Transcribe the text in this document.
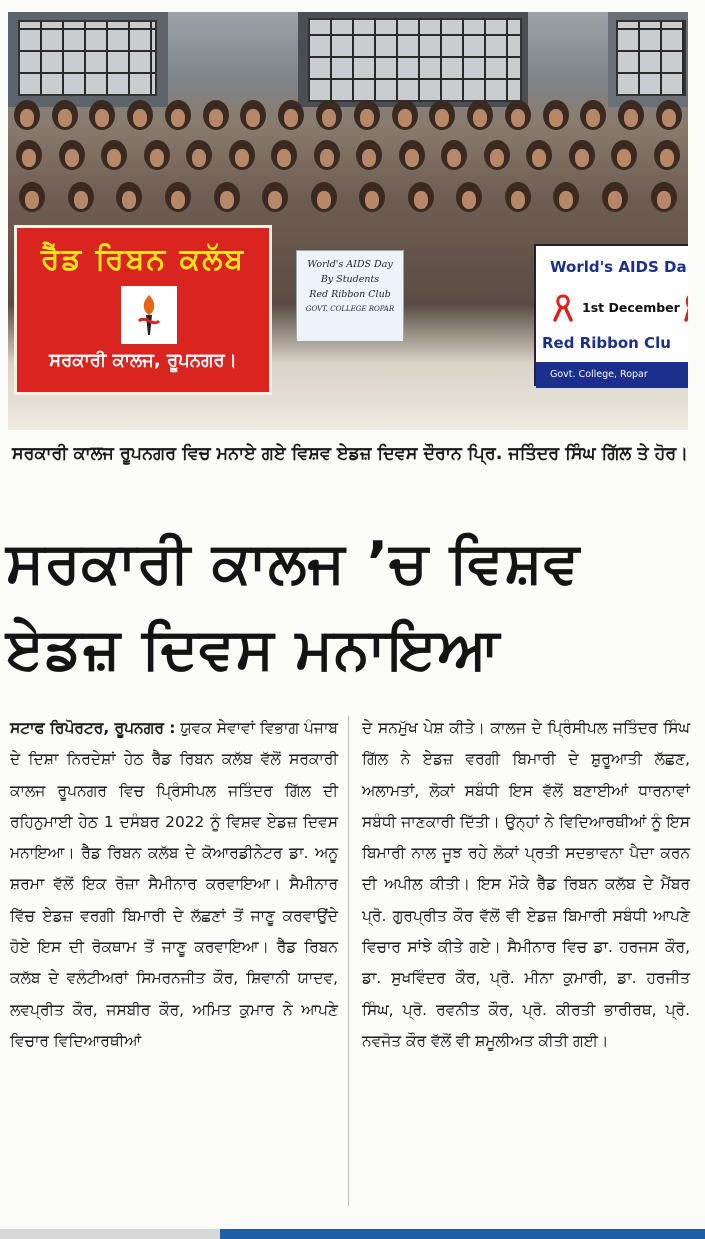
ਰੈੱਡ ਰਿਬਨ ਕਲੱਬ
ਸਰਕਾਰੀ ਕਾਲਜ, ਰੂਪਨਗਰ।
World's AIDS Day
By Students
Red Ribbon Club
GOVT. COLLEGE ROPAR
World's AIDS Da
1st December
Red Ribbon Clu
Govt. College, Ropar
ਸਰਕਾਰੀ ਕਾਲਜ ਰੂਪਨਗਰ ਵਿਚ ਮਨਾਏ ਗਏ ਵਿਸ਼ਵ ਏਡਜ਼ ਦਿਵਸ ਦੌਰਾਨ ਪ੍ਰਿ. ਜਤਿੰਦਰ ਸਿੰਘ ਗਿੱਲ ਤੇ ਹੋਰ।
ਸਰਕਾਰੀ ਕਾਲਜ ’ਚ ਵਿਸ਼ਵ
ਏਡਜ਼ ਦਿਵਸ ਮਨਾਇਆ
ਸਟਾਫ ਰਿਪੋਰਟਰ, ਰੂਪਨਗਰ : ਯੁਵਕ ਸੇਵਾਵਾਂ ਵਿਭਾਗ ਪੰਜਾਬ ਦੇ ਦਿਸ਼ਾ ਨਿਰਦੇਸ਼ਾਂ ਹੇਠ ਰੈੱਡ ਰਿਬਨ ਕਲੱਬ ਵੱਲੋਂ ਸਰਕਾਰੀ ਕਾਲਜ ਰੂਪਨਗਰ ਵਿਚ ਪ੍ਰਿੰਸੀਪਲ ਜਤਿੰਦਰ ਗਿੱਲ ਦੀ ਰਹਿਨੁਮਾਈ ਹੇਠ 1 ਦਸੰਬਰ 2022 ਨੂੰ ਵਿਸ਼ਵ ਏਡਜ਼ ਦਿਵਸ ਮਨਾਇਆ। ਰੈੱਡ ਰਿਬਨ ਕਲੱਬ ਦੇ ਕੋਆਰਡੀਨੇਟਰ ਡਾ. ਅਨੂ ਸ਼ਰਮਾ ਵੱਲੋਂ ਇਕ ਰੋਜ਼ਾ ਸੈਮੀਨਾਰ ਕਰਵਾਇਆ। ਸੈਮੀਨਾਰ ਵਿੱਚ ਏਡਜ਼ ਵਰਗੀ ਬਿਮਾਰੀ ਦੇ ਲੱਛਣਾਂ ਤੋਂ ਜਾਣੂ ਕਰਵਾਉਂਦੇ ਹੋਏ ਇਸ ਦੀ ਰੋਕਥਾਮ ਤੋਂ ਜਾਣੂ ਕਰਵਾਇਆ। ਰੈੱਡ ਰਿਬਨ ਕਲੱਬ ਦੇ ਵਲੰਟੀਅਰਾਂ ਸਿਮਰਨਜੀਤ ਕੌਰ, ਸ਼ਿਵਾਨੀ ਯਾਦਵ, ਲਵਪ੍ਰੀਤ ਕੌਰ, ਜਸਬੀਰ ਕੌਰ, ਅਮਿਤ ਕੁਮਾਰ ਨੇ ਆਪਣੇ ਵਿਚਾਰ ਵਿਦਿਆਰਥੀਆਂ
ਦੇ ਸਨਮੁੱਖ ਪੇਸ਼ ਕੀਤੇ। ਕਾਲਜ ਦੇ ਪ੍ਰਿੰਸੀਪਲ ਜਤਿੰਦਰ ਸਿੰਘ ਗਿੱਲ ਨੇ ਏਡਜ਼ ਵਰਗੀ ਬਿਮਾਰੀ ਦੇ ਸ਼ੁਰੂਆਤੀ ਲੱਛਣ, ਅਲਾਮਤਾਂ, ਲੋਕਾਂ ਸਬੰਧੀ ਇਸ ਵੱਲੋਂ ਬਣਾਈਆਂ ਧਾਰਨਾਵਾਂ ਸਬੰਧੀ ਜਾਣਕਾਰੀ ਦਿੱਤੀ। ਉਨ੍ਹਾਂ ਨੇ ਵਿਦਿਆਰਥੀਆਂ ਨੂੰ ਇਸ ਬਿਮਾਰੀ ਨਾਲ ਜੂਝ ਰਹੇ ਲੋਕਾਂ ਪ੍ਰਤੀ ਸਦਭਾਵਨਾ ਪੈਦਾ ਕਰਨ ਦੀ ਅਪੀਲ ਕੀਤੀ। ਇਸ ਮੌਕੇ ਰੈੱਡ ਰਿਬਨ ਕਲੱਬ ਦੇ ਮੈਂਬਰ ਪ੍ਰੋ. ਗੁਰਪ੍ਰੀਤ ਕੌਰ ਵੱਲੋਂ ਵੀ ਏਡਜ਼ ਬਿਮਾਰੀ ਸਬੰਧੀ ਆਪਣੇ ਵਿਚਾਰ ਸਾਂਝੇ ਕੀਤੇ ਗਏ। ਸੈਮੀਨਾਰ ਵਿਚ ਡਾ. ਹਰਜਸ ਕੌਰ, ਡਾ. ਸੁਖਵਿੰਦਰ ਕੌਰ, ਪ੍ਰੋ. ਮੀਨਾ ਕੁਮਾਰੀ, ਡਾ. ਹਰਜੀਤ ਸਿੰਘ, ਪ੍ਰੋ. ਰਵਨੀਤ ਕੌਰ, ਪ੍ਰੋ. ਕੀਰਤੀ ਭਾਰੀਰਥ, ਪ੍ਰੋ. ਨਵਜੋਤ ਕੌਰ ਵੱਲੋਂ ਵੀ ਸ਼ਮੂਲੀਅਤ ਕੀਤੀ ਗਈ।
